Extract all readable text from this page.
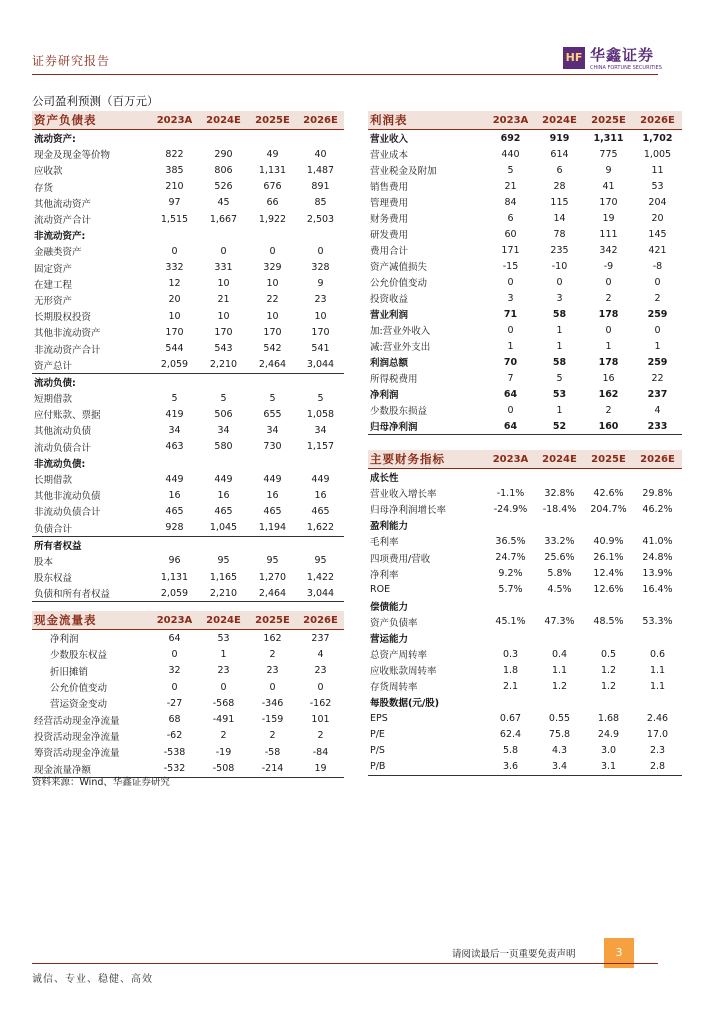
证券研究报告	HF 华鑫证券
CHINA FORTUNE SECURITIES
公司盈利预测（百万元）
资产负债表	2023A	2024E	2025E	2026E
流动资产:				
现金及现金等价物	822	290	49	40
应收款	385	806	1,131	1,487
存货	210	526	676	891
其他流动资产	97	45	66	85
流动资产合计	1,515	1,667	1,922	2,503
非流动资产:				
金融类资产	0	0	0	0
固定资产	332	331	329	328
在建工程	12	10	10	9
无形资产	20	21	22	23
长期股权投资	10	10	10	10
其他非流动资产	170	170	170	170
非流动资产合计	544	543	542	541
资产总计	2,059	2,210	2,464	3,044
流动负债:				
短期借款	5	5	5	5
应付账款、票据	419	506	655	1,058
其他流动负债	34	34	34	34
流动负债合计	463	580	730	1,157
非流动负债:				
长期借款	449	449	449	449
其他非流动负债	16	16	16	16
非流动负债合计	465	465	465	465
负债合计	928	1,045	1,194	1,622
所有者权益				
股本	96	95	95	95
股东权益	1,131	1,165	1,270	1,422
负债和所有者权益	2,059	2,210	2,464	3,044
利润表	2023A	2024E	2025E	2026E
营业收入	692	919	1,311	1,702
营业成本	440	614	775	1,005
营业税金及附加	5	6	9	11
销售费用	21	28	41	53
管理费用	84	115	170	204
财务费用	6	14	19	20
研发费用	60	78	111	145
费用合计	171	235	342	421
资产减值损失	-15	-10	-9	-8
公允价值变动	0	0	0	0
投资收益	3	3	2	2
营业利润	71	58	178	259
加:营业外收入	0	1	0	0
减:营业外支出	1	1	1	1
利润总额	70	58	178	259
所得税费用	7	5	16	22
净利润	64	53	162	237
少数股东损益	0	1	2	4
归母净利润	64	52	160	233
主要财务指标	2023A	2024E	2025E	2026E
成长性				
营业收入增长率	-1.1%	32.8%	42.6%	29.8%
归母净利润增长率	-24.9%	-18.4%	204.7%	46.2%
盈利能力				
毛利率	36.5%	33.2%	40.9%	41.0%
四项费用/营收	24.7%	25.6%	26.1%	24.8%
净利率	9.2%	5.8%	12.4%	13.9%
ROE	5.7%	4.5%	12.6%	16.4%
偿债能力				
资产负债率	45.1%	47.3%	48.5%	53.3%
营运能力				
总资产周转率	0.3	0.4	0.5	0.6
应收账款周转率	1.8	1.1	1.2	1.1
存货周转率	2.1	1.2	1.2	1.1
每股数据(元/股)				
EPS	0.67	0.55	1.68	2.46
P/E	62.4	75.8	24.9	17.0
P/S	5.8	4.3	3.0	2.3
P/B	3.6	3.4	3.1	2.8
现金流量表	2023A	2024E	2025E	2026E
净利润	64	53	162	237
少数股东权益	0	1	2	4
折旧摊销	32	23	23	23
公允价值变动	0	0	0	0
营运资金变动	-27	-568	-346	-162
经营活动现金净流量	68	-491	-159	101
投资活动现金净流量	-62	2	2	2
筹资活动现金净流量	-538	-19	-58	-84
现金流量净额	-532	-508	-214	19
资料来源：Wind、华鑫证券研究
请阅读最后一页重要免责声明	3
诚信、专业、稳健、高效
